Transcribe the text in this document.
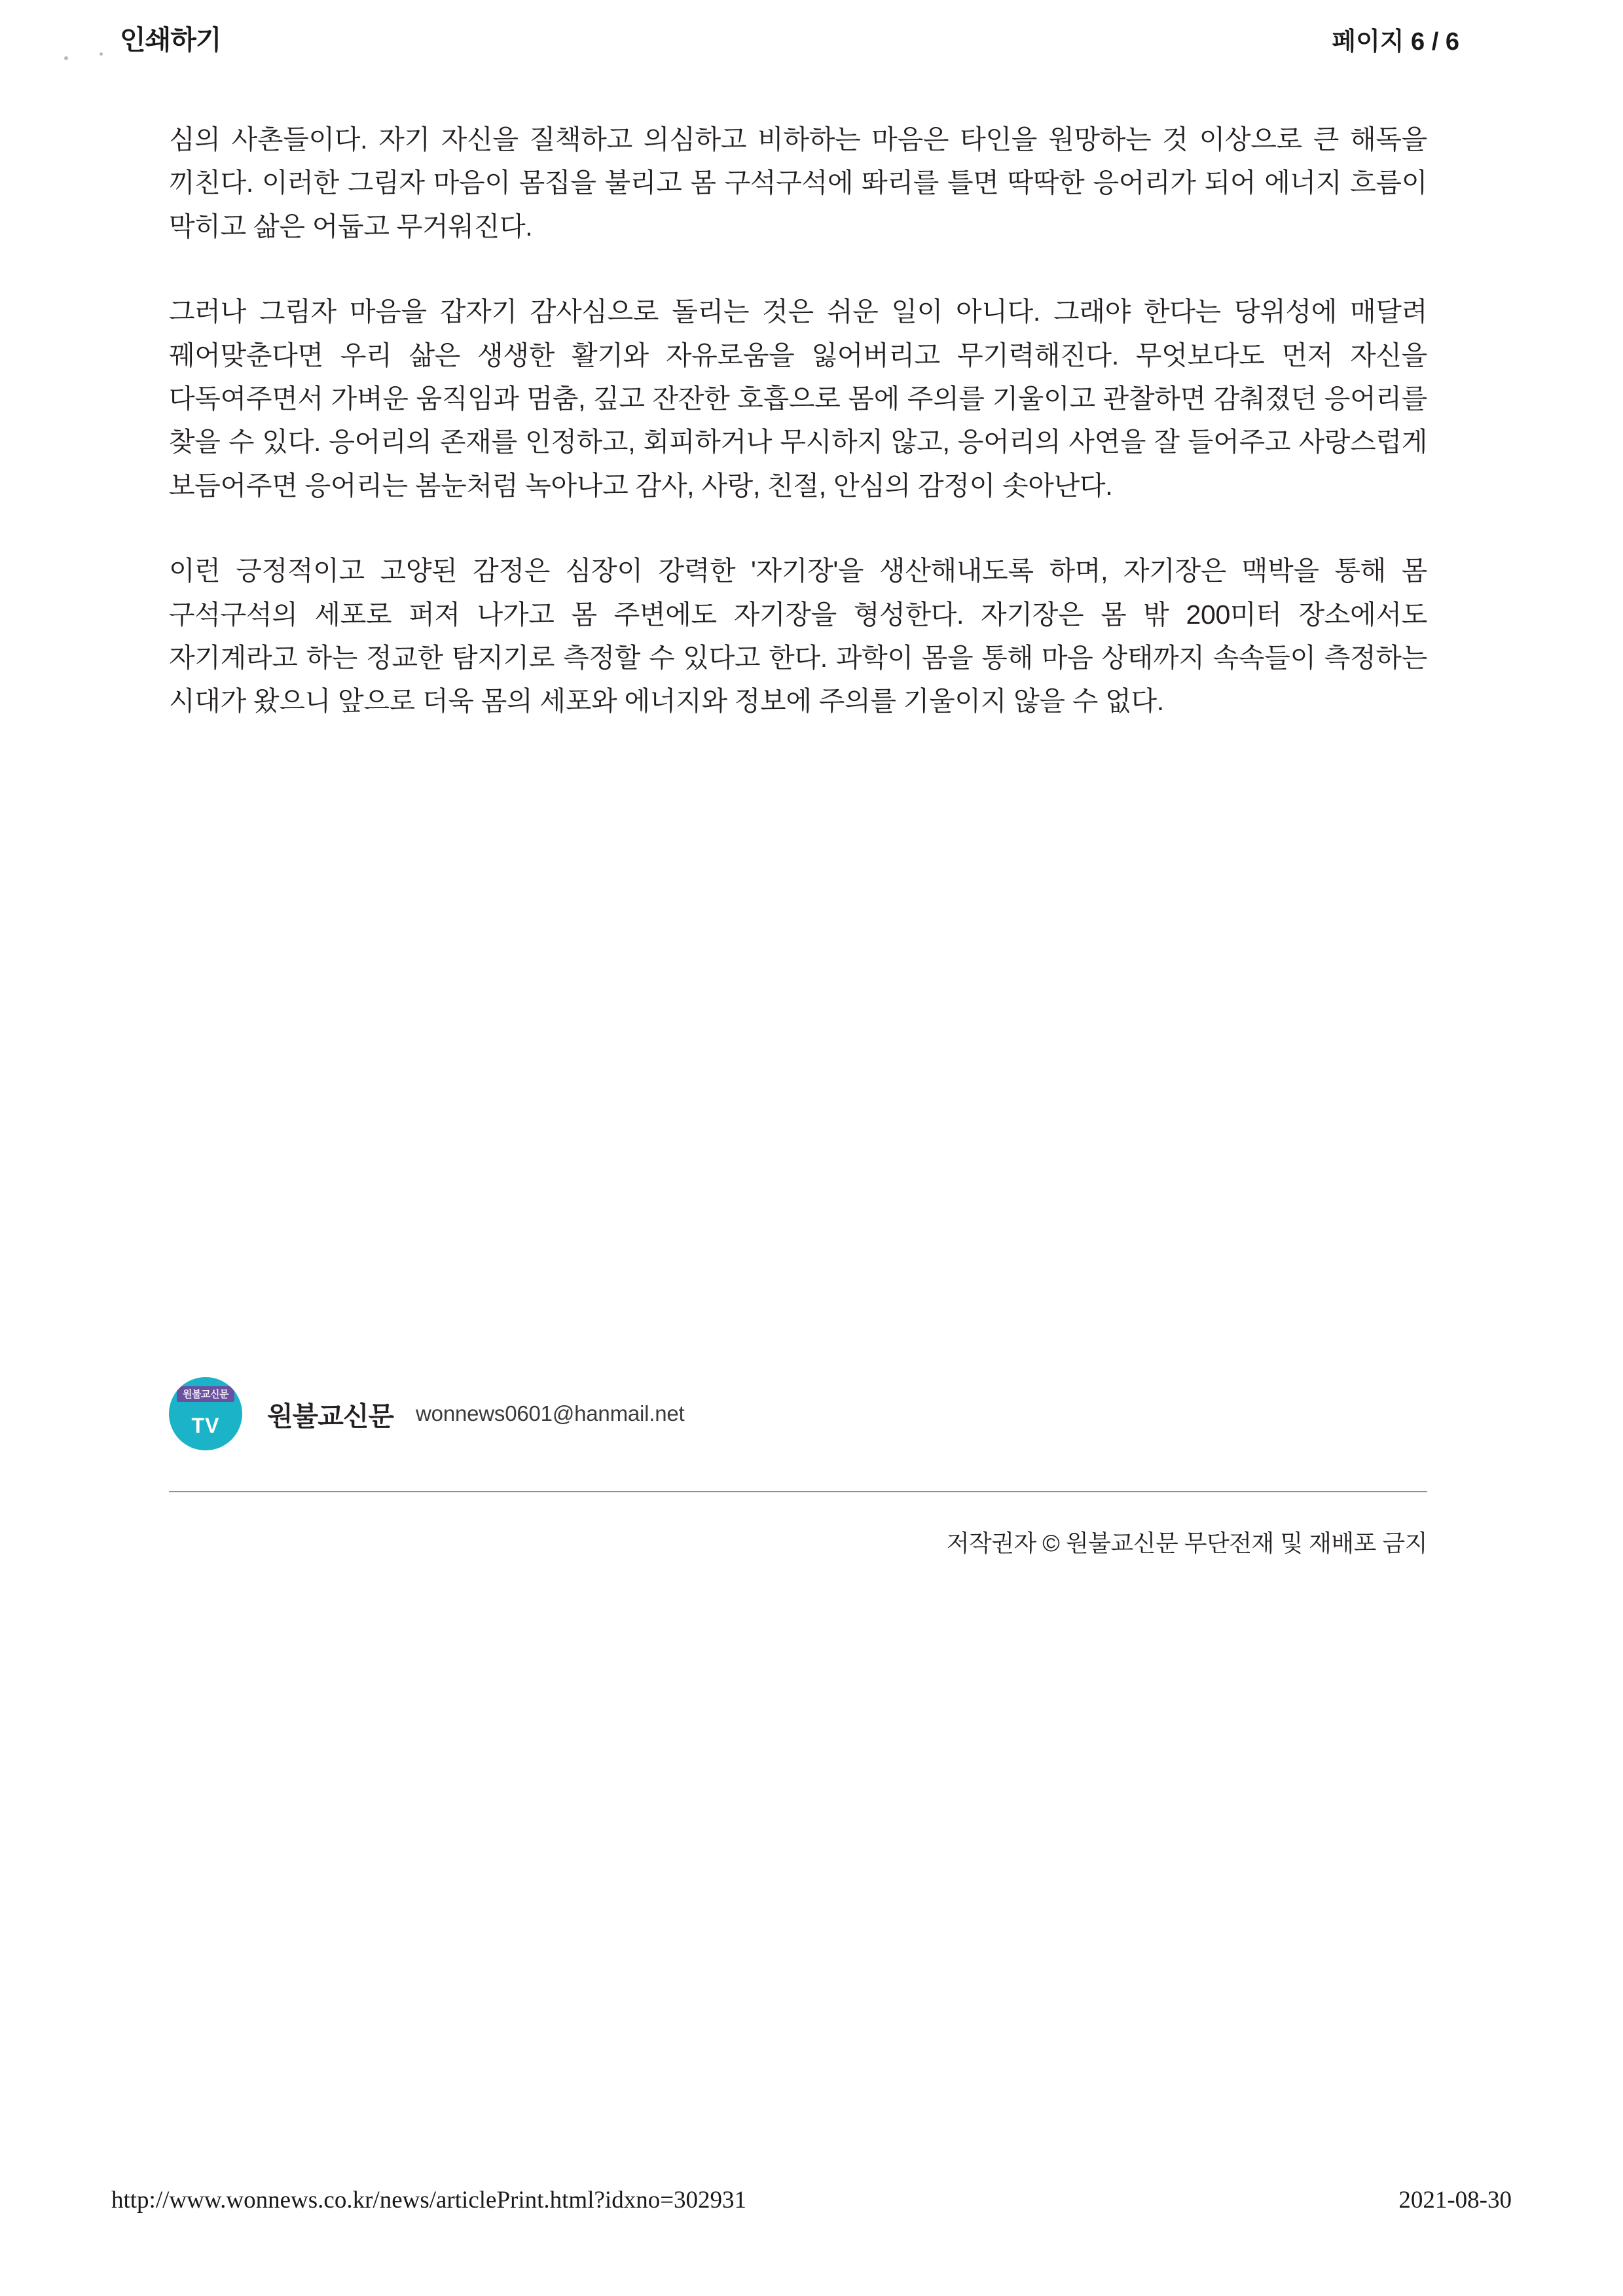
인쇄하기	페이지 6 / 6

심의 사촌들이다. 자기 자신을 질책하고 의심하고 비하하는 마음은 타인을 원망하는 것 이상으로 큰 해독을 끼친다. 이러한 그림자 마음이 몸집을 불리고 몸 구석구석에 똬리를 틀면 딱딱한 응어리가 되어 에너지 흐름이 막히고 삶은 어둡고 무거워진다.

그러나 그림자 마음을 갑자기 감사심으로 돌리는 것은 쉬운 일이 아니다. 그래야 한다는 당위성에 매달려 꿰어맞춘다면 우리 삶은 생생한 활기와 자유로움을 잃어버리고 무기력해진다. 무엇보다도 먼저 자신을 다독여주면서 가벼운 움직임과 멈춤, 깊고 잔잔한 호흡으로 몸에 주의를 기울이고 관찰하면 감춰졌던 응어리를 찾을 수 있다. 응어리의 존재를 인정하고, 회피하거나 무시하지 않고, 응어리의 사연을 잘 들어주고 사랑스럽게 보듬어주면 응어리는 봄눈처럼 녹아나고 감사, 사랑, 친절, 안심의 감정이 솟아난다.

이런 긍정적이고 고양된 감정은 심장이 강력한 '자기장'을 생산해내도록 하며, 자기장은 맥박을 통해 몸 구석구석의 세포로 퍼져 나가고 몸 주변에도 자기장을 형성한다. 자기장은 몸 밖 200미터 장소에서도 자기계라고 하는 정교한 탐지기로 측정할 수 있다고 한다. 과학이 몸을 통해 마음 상태까지 속속들이 측정하는 시대가 왔으니 앞으로 더욱 몸의 세포와 에너지와 정보에 주의를 기울이지 않을 수 없다.

원불교신문
TV	원불교신문 wonnews0601@hanmail.net
저작권자 © 원불교신문 무단전재 및 재배포 금지
http://www.wonnews.co.kr/news/articlePrint.html?idxno=302931	2021-08-30
